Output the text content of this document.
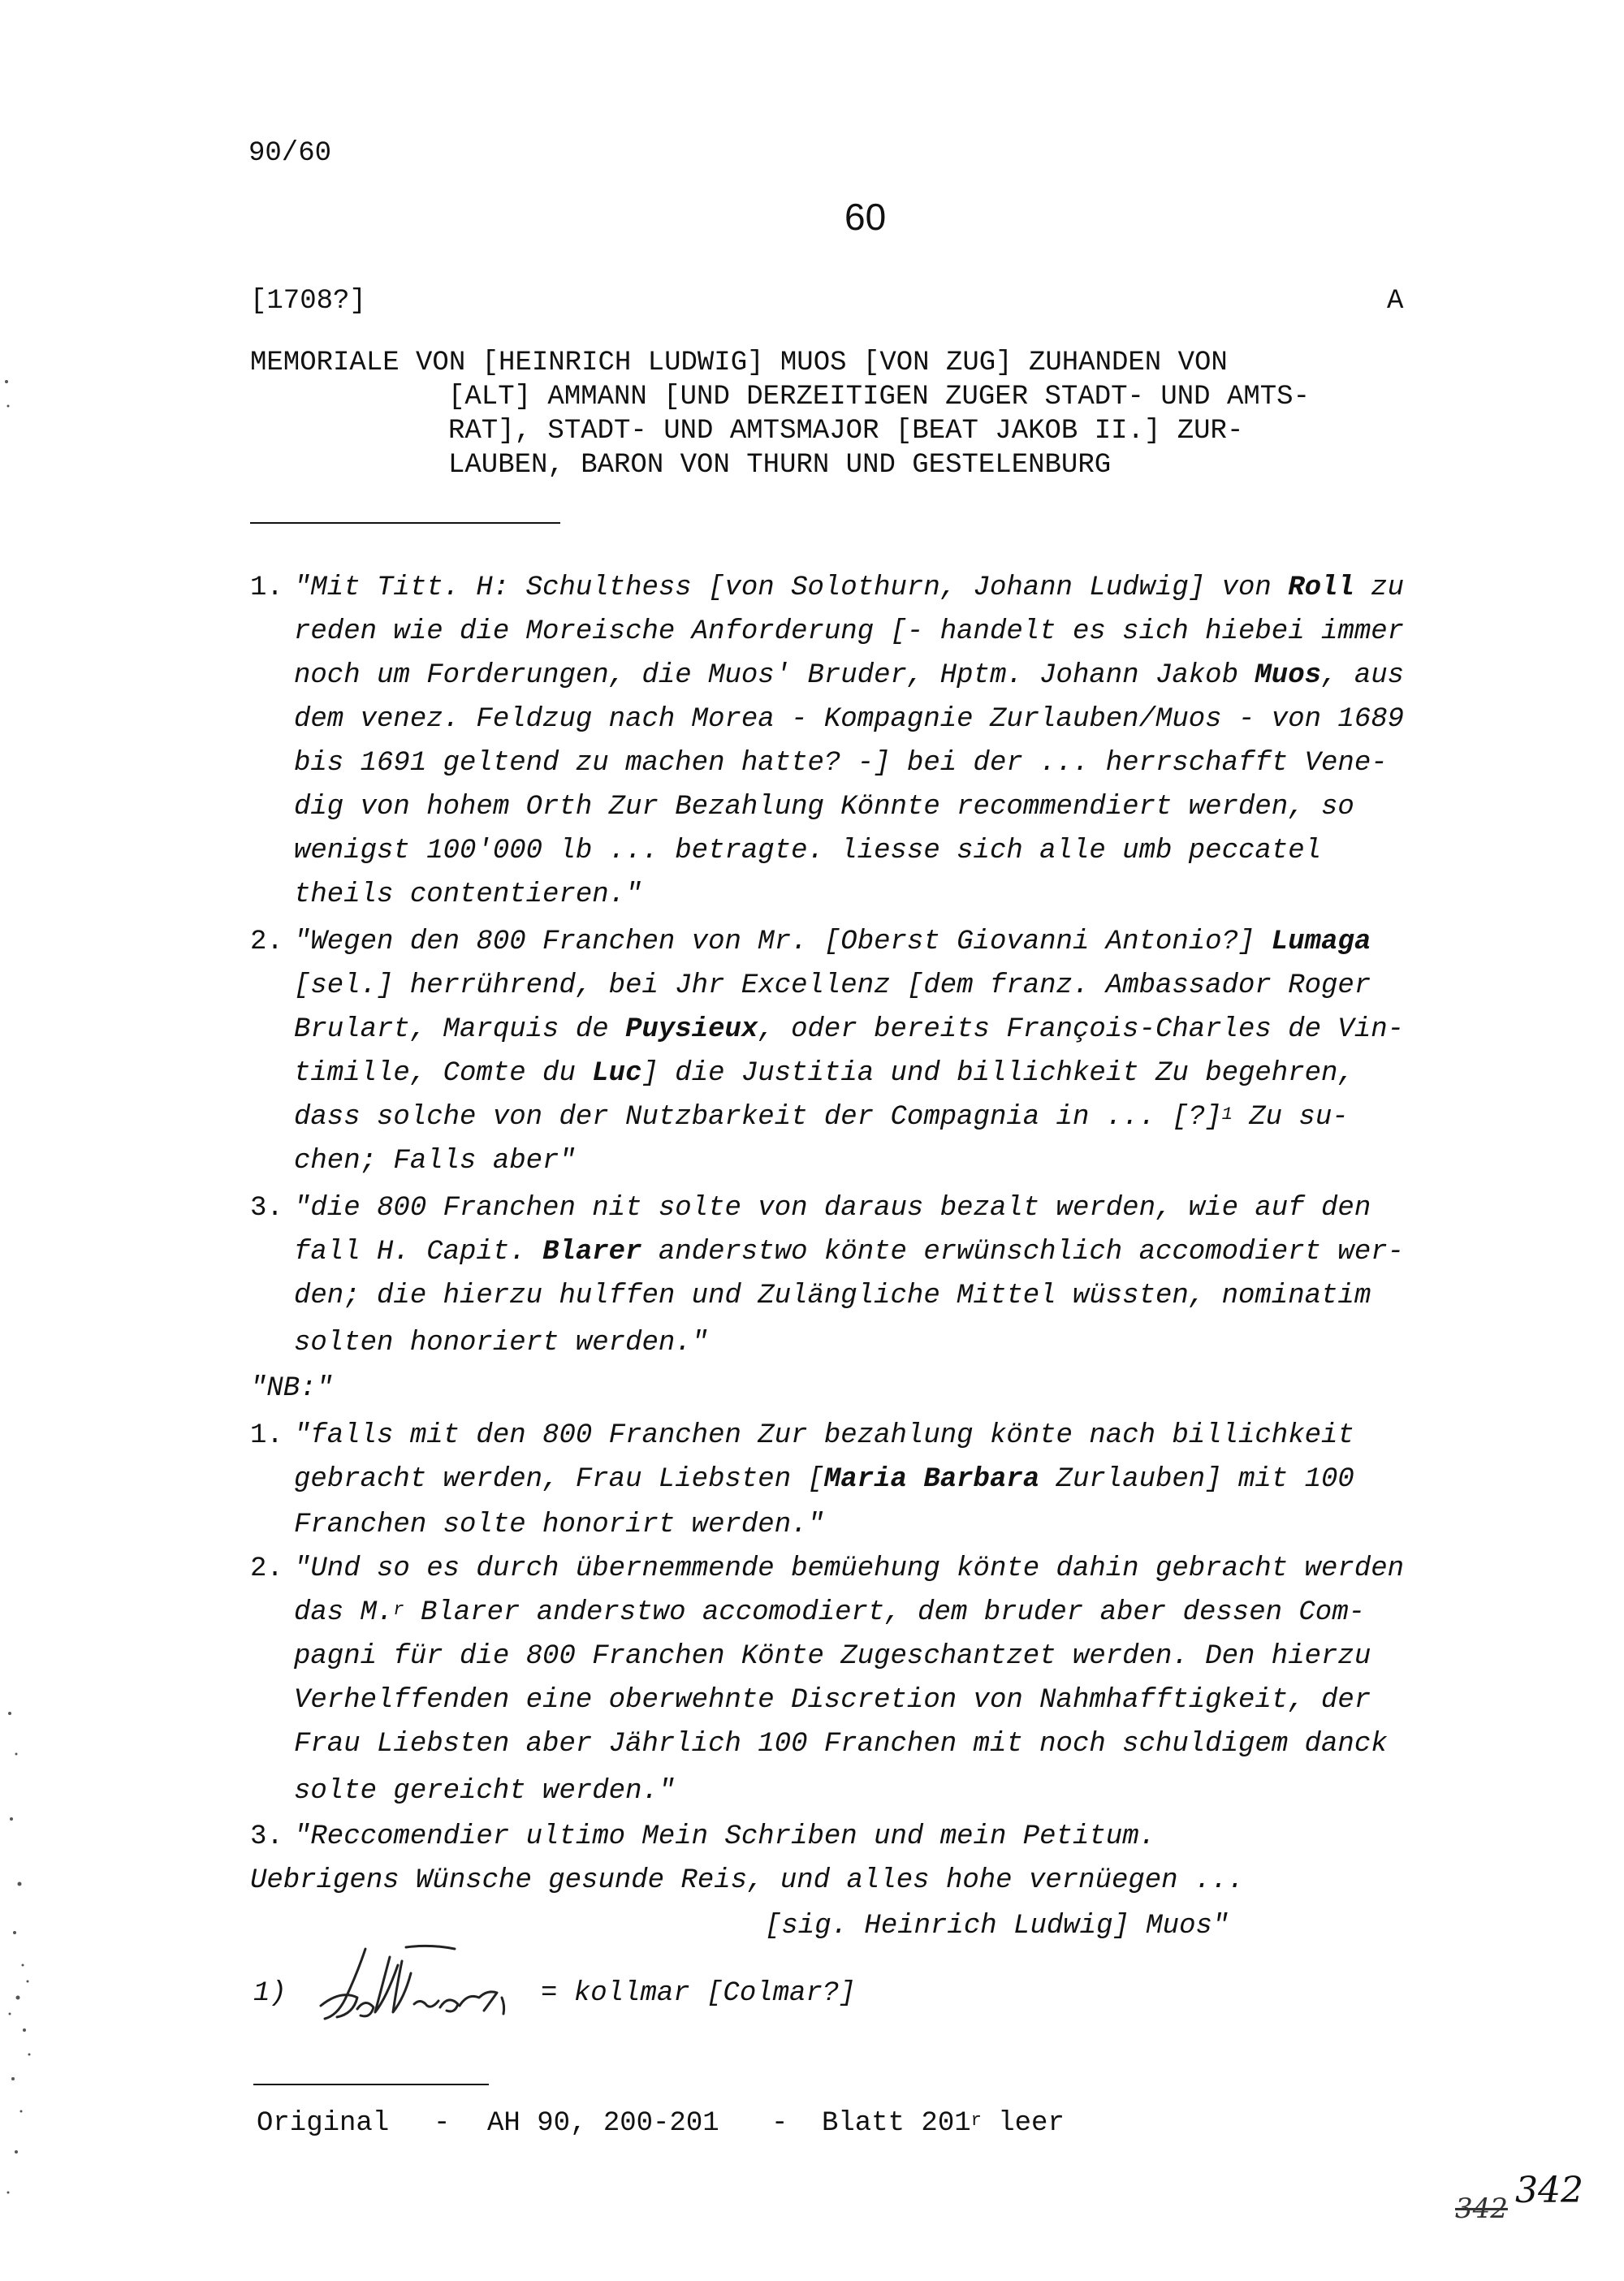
90/60
60
[1708?]	A
MEMORIALE VON [HEINRICH LUDWIG] MUOS [VON ZUG] ZUHANDEN VON
[ALT] AMMANN [UND DERZEITIGEN ZUGER STADT- UND AMTS-
RAT], STADT- UND AMTSMAJOR [BEAT JAKOB II.] ZUR-
LAUBEN, BARON VON THURN UND GESTELENBURG
1. "Mit Titt. H: Schulthess [von Solothurn, Johann Ludwig] von Roll zu
reden wie die Moreische Anforderung [- handelt es sich hiebei immer
noch um Forderungen, die Muos' Bruder, Hptm. Johann Jakob Muos, aus
dem venez. Feldzug nach Morea - Kompagnie Zurlauben/Muos - von 1689
bis 1691 geltend zu machen hatte? -] bei der ... herrschafft Vene-
dig von hohem Orth Zur Bezahlung Könnte recommendiert werden, so
wenigst 100'000 lb ... betragte. liesse sich alle umb peccatel
theils contentieren."
2. "Wegen den 800 Franchen von Mr. [Oberst Giovanni Antonio?] Lumaga
[sel.] herrührend, bei Jhr Excellenz [dem franz. Ambassador Roger
Brulart, Marquis de Puysieux, oder bereits François-Charles de Vin-
timille, Comte du Luc] die Justitia und billichkeit Zu begehren,
dass solche von der Nutzbarkeit der Compagnia in ... [?]$^1$ Zu su-
chen; Falls aber"
3. "die 800 Franchen nit solte von daraus bezalt werden, wie auf den
fall H. Capit. Blarer anderstwo könte erwünschlich accomodiert wer-
den; die hierzu hulffen und Zulängliche Mittel wüssten, nominatim
solten honoriert werden."
"NB:"
1. "falls mit den 800 Franchen Zur bezahlung könte nach billichkeit
gebracht werden, Frau Liebsten [Maria Barbara Zurlauben] mit 100
Franchen solte honorirt werden."
2. "Und so es durch übernemmende bemüehung könte dahin gebracht werden
das M.$^r$ Blarer anderstwo accomodiert, dem bruder aber dessen Com-
pagni für die 800 Franchen Könte Zugeschantzet werden. Den hierzu
Verhelffenden eine oberwehnte Discretion von Nahmhafftigkeit, der
Frau Liebsten aber Jährlich 100 Franchen mit noch schuldigem danck
solte gereicht werden."
3. "Reccomendier ultimo Mein Schriben und mein Petitum.
Uebrigens Wünsche gesunde Reis, und alles hohe vernüegen ...
[sig. Heinrich Ludwig] Muos"
1)	= kollmar [Colmar?]
Original - AH 90, 200-201 - Blatt 201$^r$ leer
342 342
